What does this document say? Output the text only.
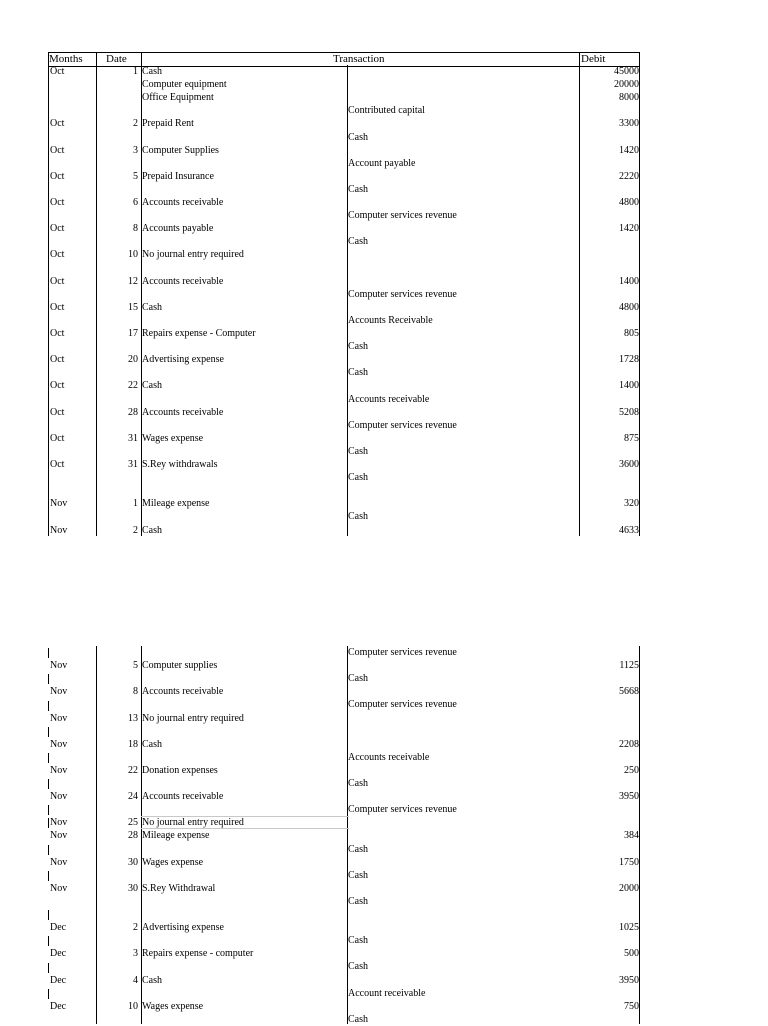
Months Date	Transaction	Debit
Oct	1 Cash	45000
Computer equipment	20000
Office Equipment	8000
Contributed capital
Oct	2 Prepaid Rent	3300
Cash
Oct	3 Computer Supplies	1420
Account payable
Oct	5 Prepaid Insurance	2220
Cash
Oct	6 Accounts receivable	4800
Computer services revenue
Oct	8 Accounts payable	1420
Cash
Oct	10 No journal entry required
Oct	12 Accounts receivable	1400
Computer services revenue
Oct	15 Cash	4800
Accounts Receivable
Oct	17 Repairs expense - Computer	805
Cash
Oct	20 Advertising expense	1728
Cash
Oct	22 Cash	1400
Accounts receivable
Oct	28 Accounts receivable	5208
Computer services revenue
Oct	31 Wages expense	875
Cash
Oct	31 S.Rey withdrawals	3600
Cash
Nov	1 Mileage expense	320
Cash
Nov	2 Cash	4633
Computer services revenue
Nov	5 Computer supplies	1125
Cash
Nov	8 Accounts receivable	5668
Computer services revenue
Nov	13 No journal entry required
Nov	18 Cash	2208
Accounts receivable
Nov	22 Donation expenses	250
Cash
Nov	24 Accounts receivable	3950
Computer services revenue
Nov	25 No journal entry required
Nov	28 Mileage expense	384
Cash
Nov	30 Wages expense	1750
Cash
Nov	30 S.Rey Withdrawal	2000
Cash
Dec	2 Advertising expense	1025
Cash
Dec	3 Repairs expense - computer	500
Cash
Dec	4 Cash	3950
Account receivable
Dec	10 Wages expense	750
Cash
